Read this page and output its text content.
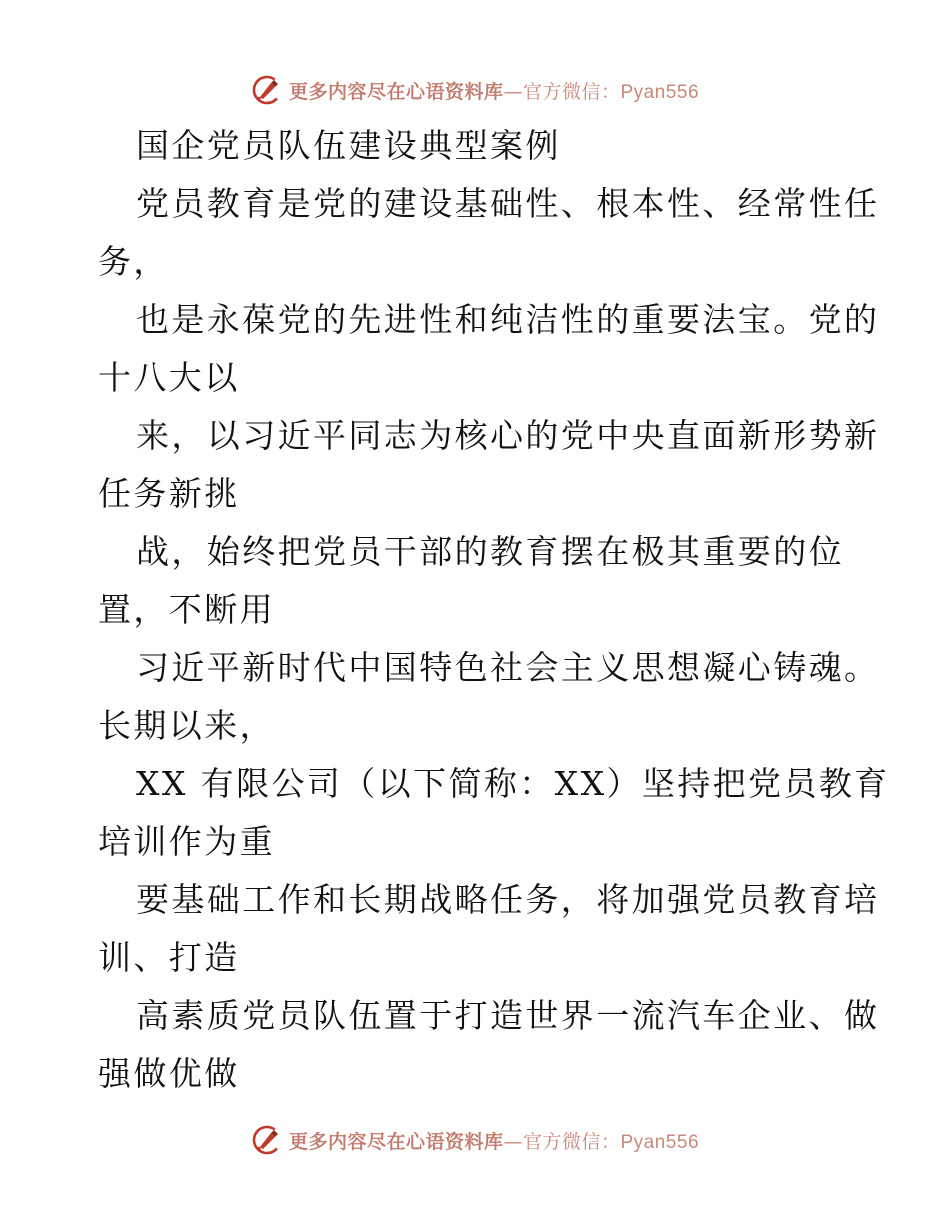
更多内容尽在心语资料库—官方微信：Pyan556
国企党员队伍建设典型案例
党员教育是党的建设基础性、根本性、经常性任
务，
也是永葆党的先进性和纯洁性的重要法宝。党的
十八大以
来，以习近平同志为核心的党中央直面新形势新
任务新挑
战，始终把党员干部的教育摆在极其重要的位
置，不断用
习近平新时代中国特色社会主义思想凝心铸魂。
长期以来，
XX 有限公司（以下简称：XX）坚持把党员教育
培训作为重
要基础工作和长期战略任务，将加强党员教育培
训、打造
高素质党员队伍置于打造世界一流汽车企业、做
强做优做
更多内容尽在心语资料库—官方微信：Pyan556
